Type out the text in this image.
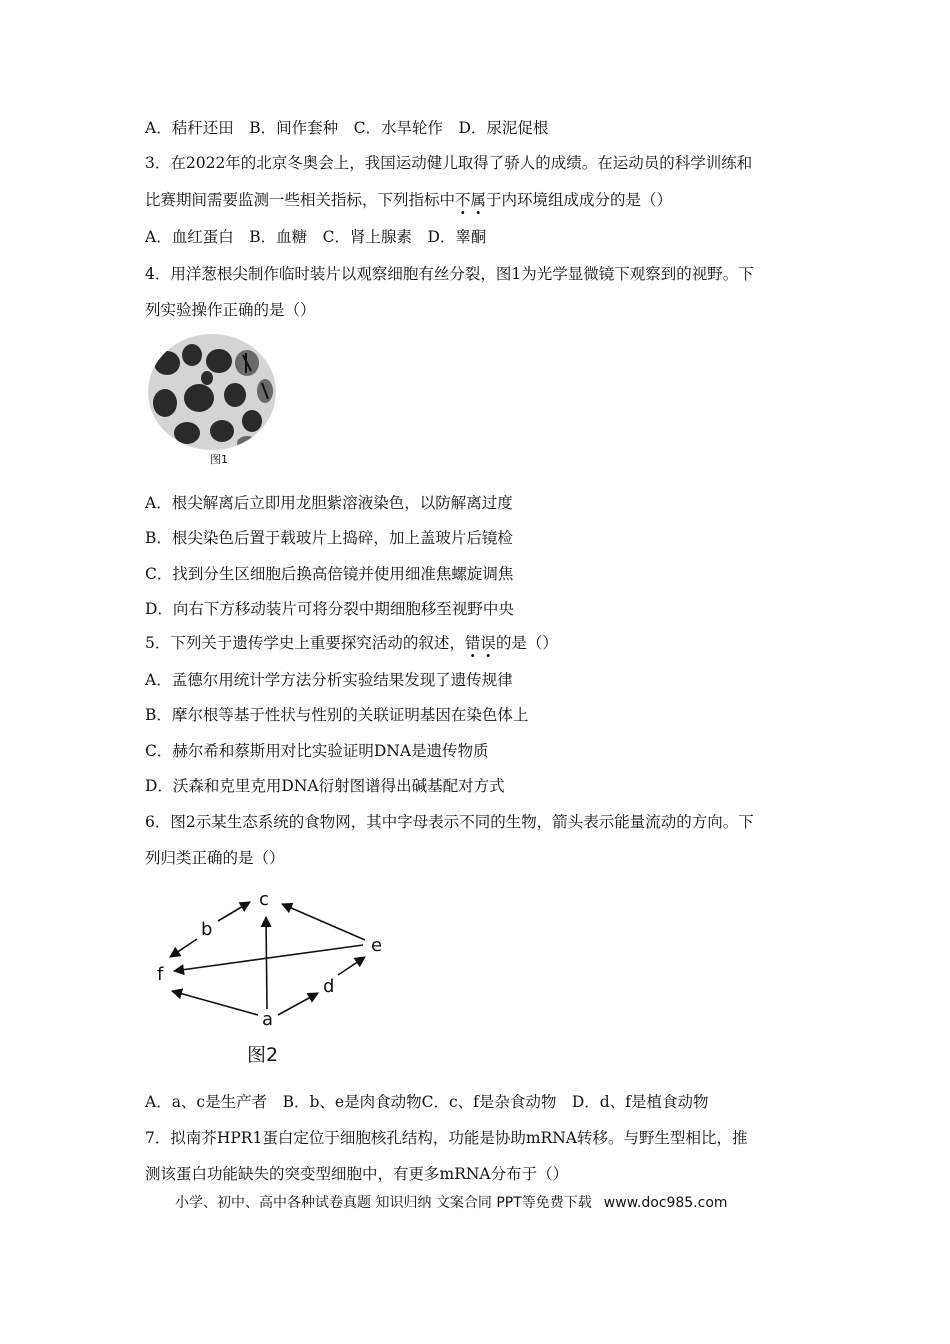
A．秸秆还田　B．间作套种　C．水旱轮作　D．尿泥促根
3．在2022年的北京冬奥会上，我国运动健儿取得了骄人的成绩。在运动员的科学训练和
比赛期间需要监测一些相关指标，下列指标中不属于内环境组成成分的是（）
A．血红蛋白　B．血糖　C．肾上腺素　D．睾酮
4．用洋葱根尖制作临时装片以观察细胞有丝分裂，图1为光学显微镜下观察到的视野。下
列实验操作正确的是（）
图1
A．根尖解离后立即用龙胆紫溶液染色，以防解离过度
B．根尖染色后置于载玻片上捣碎，加上盖玻片后镜检
C．找到分生区细胞后换高倍镜并使用细准焦螺旋调焦
D．向右下方移动装片可将分裂中期细胞移至视野中央
5．下列关于遗传学史上重要探究活动的叙述，错误的是（）
A．孟德尔用统计学方法分析实验结果发现了遗传规律
B．摩尔根等基于性状与性别的关联证明基因在染色体上
C．赫尔希和蔡斯用对比实验证明DNA是遗传物质
D．沃森和克里克用DNA衍射图谱得出碱基配对方式
6．图2示某生态系统的食物网，其中字母表示不同的生物，箭头表示能量流动的方向。下
列归类正确的是（）
c
b
e
f
d
a
图2
A．a、c是生产者　B．b、e是肉食动物C．c、f是杂食动物　D．d、f是植食动物
7．拟南芥HPR1蛋白定位于细胞核孔结构，功能是协助mRNA转移。与野生型相比，推
测该蛋白功能缺失的突变型细胞中，有更多mRNA分布于（）
小学、初中、高中各种试卷真题 知识归纳 文案合同 PPT等免费下载 www.doc985.com
